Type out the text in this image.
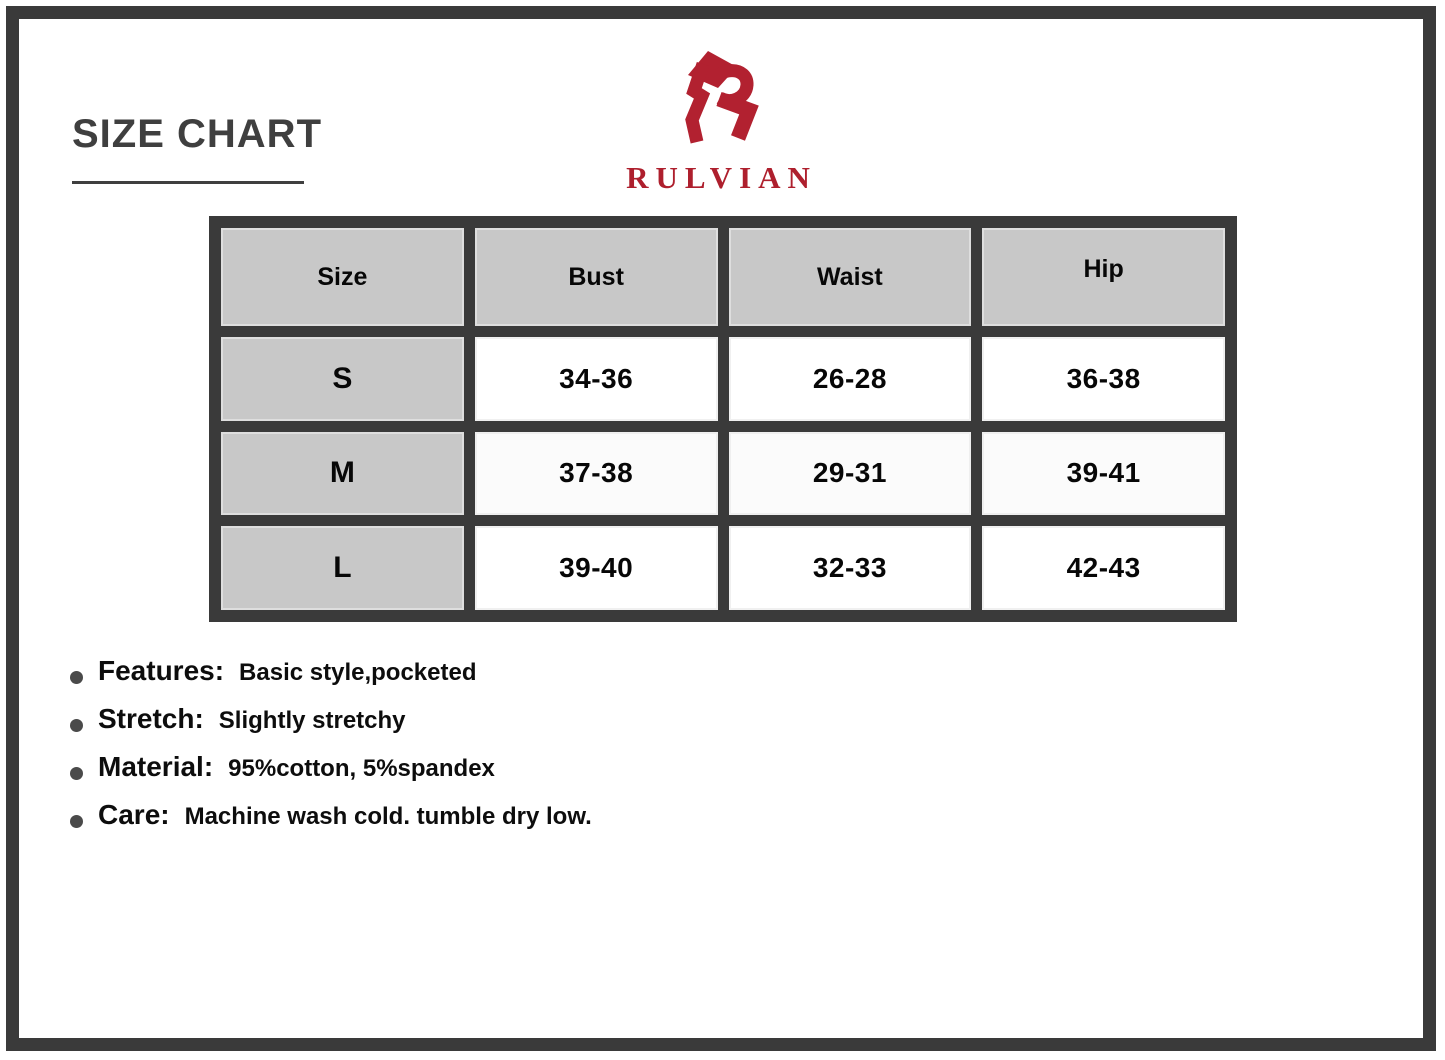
SIZE CHART
RULVIAN
Size	Bust	Waist	Hip
S	34-36	26-28	36-38
M	37-38	29-31	39-41
L	39-40	32-33	42-43
Features: Basic style,pocketed
Stretch: Slightly stretchy
Material: 95%cotton, 5%spandex
Care: Machine wash cold. tumble dry low.
